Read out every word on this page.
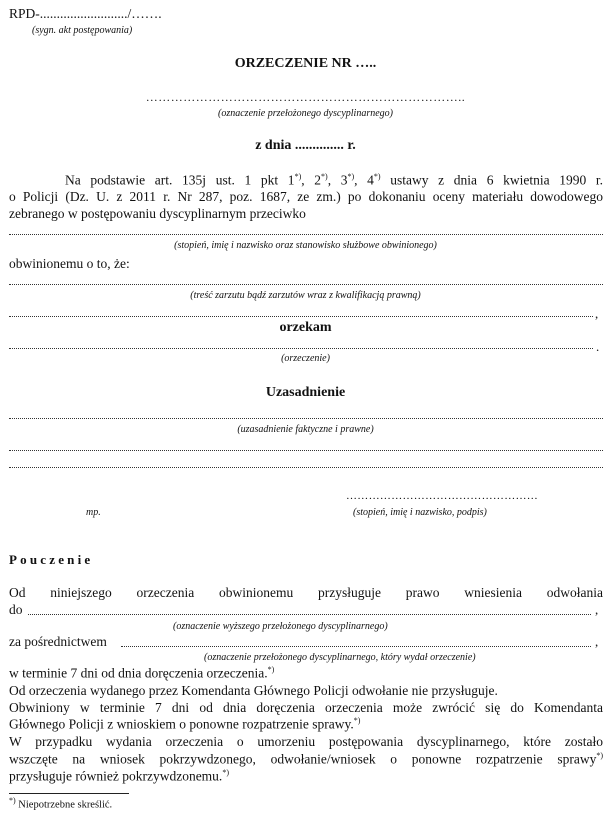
RPD-........................../…….
(sygn. akt postępowania)
ORZECZENIE NR …..
…………………………………………………………………..
(oznaczenie przełożonego dyscyplinarnego)
z dnia .............. r.
Na podstawie art. 135j ust. 1 pkt 1*), 2*), 3*), 4*) ustawy z dnia 6 kwietnia 1990 r.
o Policji (Dz. U. z 2011 r. Nr 287, poz. 1687, ze zm.) po dokonaniu oceny materiału dowodowego
zebranego w postępowaniu dyscyplinarnym przeciwko
(stopień, imię i nazwisko oraz stanowisko służbowe obwinionego)
obwinionemu o to, że:
(treść zarzutu bądź zarzutów wraz z kwalifikacją prawną)
,
orzekam
.
(orzeczenie)
Uzasadnienie
(uzasadnienie faktyczne i prawne)
……………………………………………
mp.	(stopień, imię i nazwisko, podpis)
Pouczenie
Od niniejszego orzeczenia obwinionemu przysługuje prawo wniesienia odwołania
do	,
(oznaczenie wyższego przełożonego dyscyplinarnego)
za pośrednictwem	,
(oznaczenie przełożonego dyscyplinarnego, który wydał orzeczenie)
w terminie 7 dni od dnia doręczenia orzeczenia.*)
Od orzeczenia wydanego przez Komendanta Głównego Policji odwołanie nie przysługuje.
Obwiniony w terminie 7 dni od dnia doręczenia orzeczenia może zwrócić się do Komendanta
Głównego Policji z wnioskiem o ponowne rozpatrzenie sprawy.*)
W przypadku wydania orzeczenia o umorzeniu postępowania dyscyplinarnego, które zostało
wszczęte na wniosek pokrzywdzonego, odwołanie/wniosek o ponowne rozpatrzenie sprawy*)
przysługuje również pokrzywdzonemu.*)
*) Niepotrzebne skreślić.
